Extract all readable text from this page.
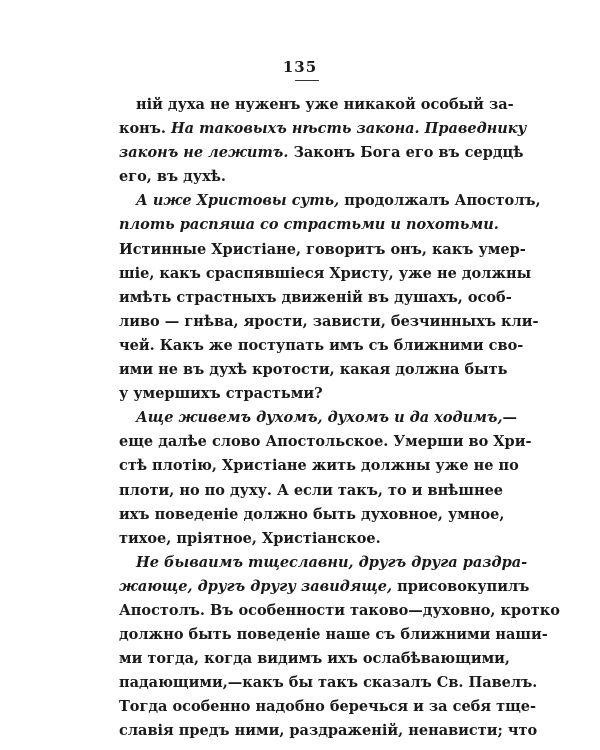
135
ній духа не нуженъ уже никакой особый за-
конъ. На таковыхъ нѣсть закона. Праведнику
законъ не лежитъ. Законъ Бога его въ сердцѣ
его, въ духѣ.
А иже Христовы суть, продолжалъ Апостолъ,
плоть распяша со страстьми и похотьми.
Истинные Христіане, говоритъ онъ, какъ умер-
шіе, какъ сраспявшіеся Христу, уже не должны
имѣть страстныхъ движеній въ душахъ, особ-
ливо — гнѣва, ярости, зависти, безчинныхъ кли-
чей. Какъ же поступать имъ съ ближними сво-
ими не въ духѣ кротости, какая должна быть
у умершихъ страстьми?
Аще живемъ духомъ, духомъ и да ходимъ,—
еще далѣе слово Апостольское. Умерши во Хри-
стѣ плотію, Христіане жить должны уже не по
плоти, но по духу. А если такъ, то и внѣшнее
ихъ поведеніе должно быть духовное, умное,
тихое, пріятное, Христіанское.
Не бываимъ тщеславни, другъ друга раздра-
жающе, другъ другу завидяще, присовокупилъ
Апостолъ. Въ особенности таково—духовно, кротко
должно быть поведеніе наше съ ближними наши-
ми тогда, когда видимъ ихъ ослабѣвающими,
падающими,—какъ бы такъ сказалъ Св. Павелъ.
Тогда особенно надобно беречься и за себя тще-
славія предъ ними, раздраженій, ненависти; что
